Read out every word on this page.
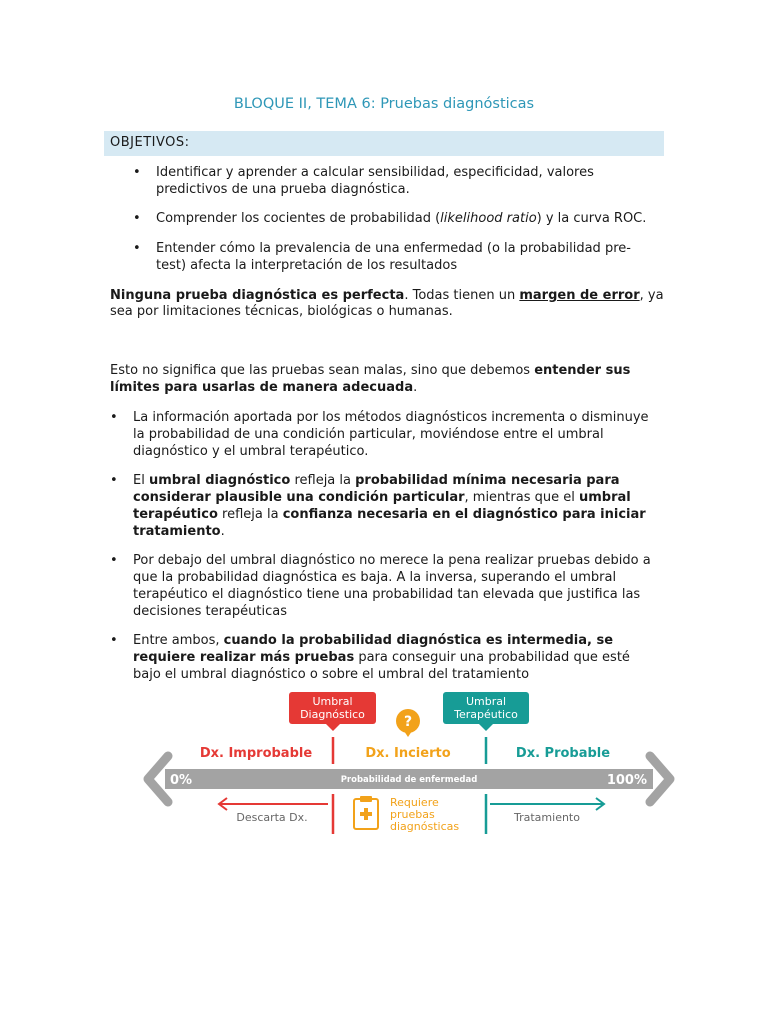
BLOQUE II, TEMA 6: Pruebas diagnósticas
OBJETIVOS:
• Identificar y aprender a calcular sensibilidad, especificidad, valores
predictivos de una prueba diagnóstica.
• Comprender los cocientes de probabilidad (likelihood ratio) y la curva ROC.
• Entender cómo la prevalencia de una enfermedad (o la probabilidad pre-
test) afecta la interpretación de los resultados
Ninguna prueba diagnóstica es perfecta. Todas tienen un margen de error, ya
sea por limitaciones técnicas, biológicas o humanas.
Esto no significa que las pruebas sean malas, sino que debemos entender sus
límites para usarlas de manera adecuada.
• La información aportada por los métodos diagnósticos incrementa o disminuye
la probabilidad de una condición particular, moviéndose entre el umbral
diagnóstico y el umbral terapéutico.
• El umbral diagnóstico refleja la probabilidad mínima necesaria para
considerar plausible una condición particular, mientras que el umbral
terapéutico refleja la confianza necesaria en el diagnóstico para iniciar
tratamiento.
• Por debajo del umbral diagnóstico no merece la pena realizar pruebas debido a
que la probabilidad diagnóstica es baja. A la inversa, superando el umbral
terapéutico el diagnóstico tiene una probabilidad tan elevada que justifica las
decisiones terapéuticas
• Entre ambos, cuando la probabilidad diagnóstica es intermedia, se
requiere realizar más pruebas para conseguir una probabilidad que esté
bajo el umbral diagnóstico o sobre el umbral del tratamiento
Umbral
Diagnóstico	?
Umbral
Terapéutico
Dx. Improbable	Dx. Incierto	Dx. Probable
0%	Probabilidad de enfermedad	100%
Descarta Dx.	Tratamiento
Requiere
pruebas
diagnósticas
